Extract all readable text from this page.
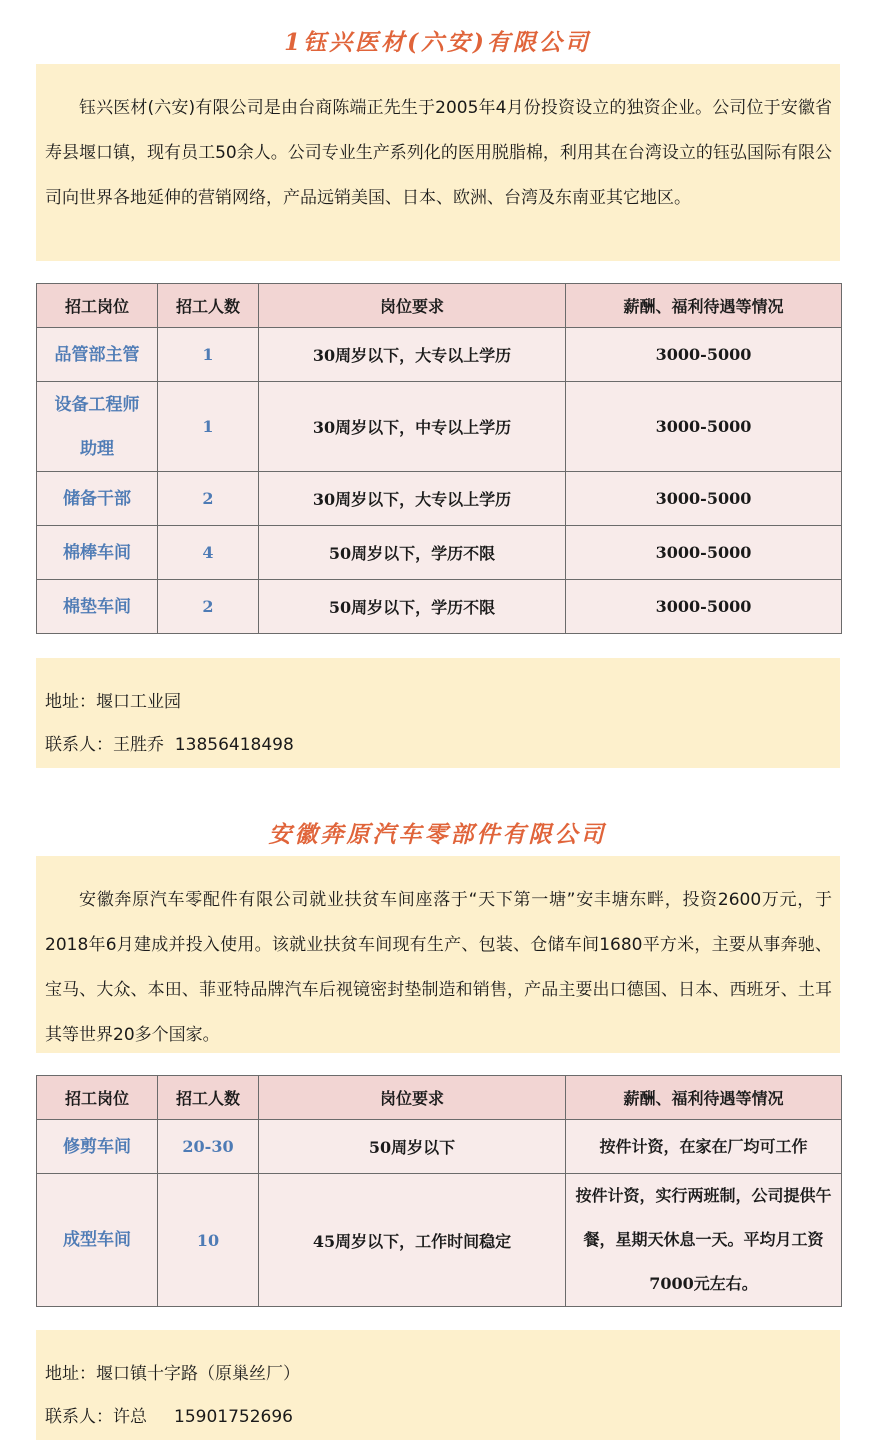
1钰兴医材(六安)有限公司
钰兴医材(六安)有限公司是由台商陈端正先生于2005年4月份投资设立的独资企业。公司位于安徽省寿县堰口镇，现有员工50余人。公司专业生产系列化的医用脱脂棉，利用其在台湾设立的钰弘国际有限公司向世界各地延伸的营销网络，产品远销美国、日本、欧洲、台湾及东南亚其它地区。
招工岗位	招工人数	岗位要求	薪酬、福利待遇等情况
品管部主管	1	30周岁以下，大专以上学历	3000-5000
设备工程师助理	1	30周岁以下，中专以上学历	3000-5000
储备干部	2	30周岁以下，大专以上学历	3000-5000
棉棒车间	4	50周岁以下，学历不限	3000-5000
棉垫车间	2	50周岁以下，学历不限	3000-5000
地址：堰口工业园
联系人：王胜乔  13856418498
安徽奔原汽车零部件有限公司
安徽奔原汽车零配件有限公司就业扶贫车间座落于“天下第一塘”安丰塘东畔，投资2600万元，于2018年6月建成并投入使用。该就业扶贫车间现有生产、包装、仓储车间1680平方米，主要从事奔驰、宝马、大众、本田、菲亚特品牌汽车后视镜密封垫制造和销售，产品主要出口德国、日本、西班牙、土耳其等世界20多个国家。
招工岗位	招工人数	岗位要求	薪酬、福利待遇等情况
修剪车间	20-30	50周岁以下	按件计资，在家在厂均可工作
成型车间	10	45周岁以下，工作时间稳定	按件计资，实行两班制，公司提供午餐，星期天休息一天。平均月工资7000元左右。
地址：堰口镇十字路（原巢丝厂）
联系人：许总     15901752696
